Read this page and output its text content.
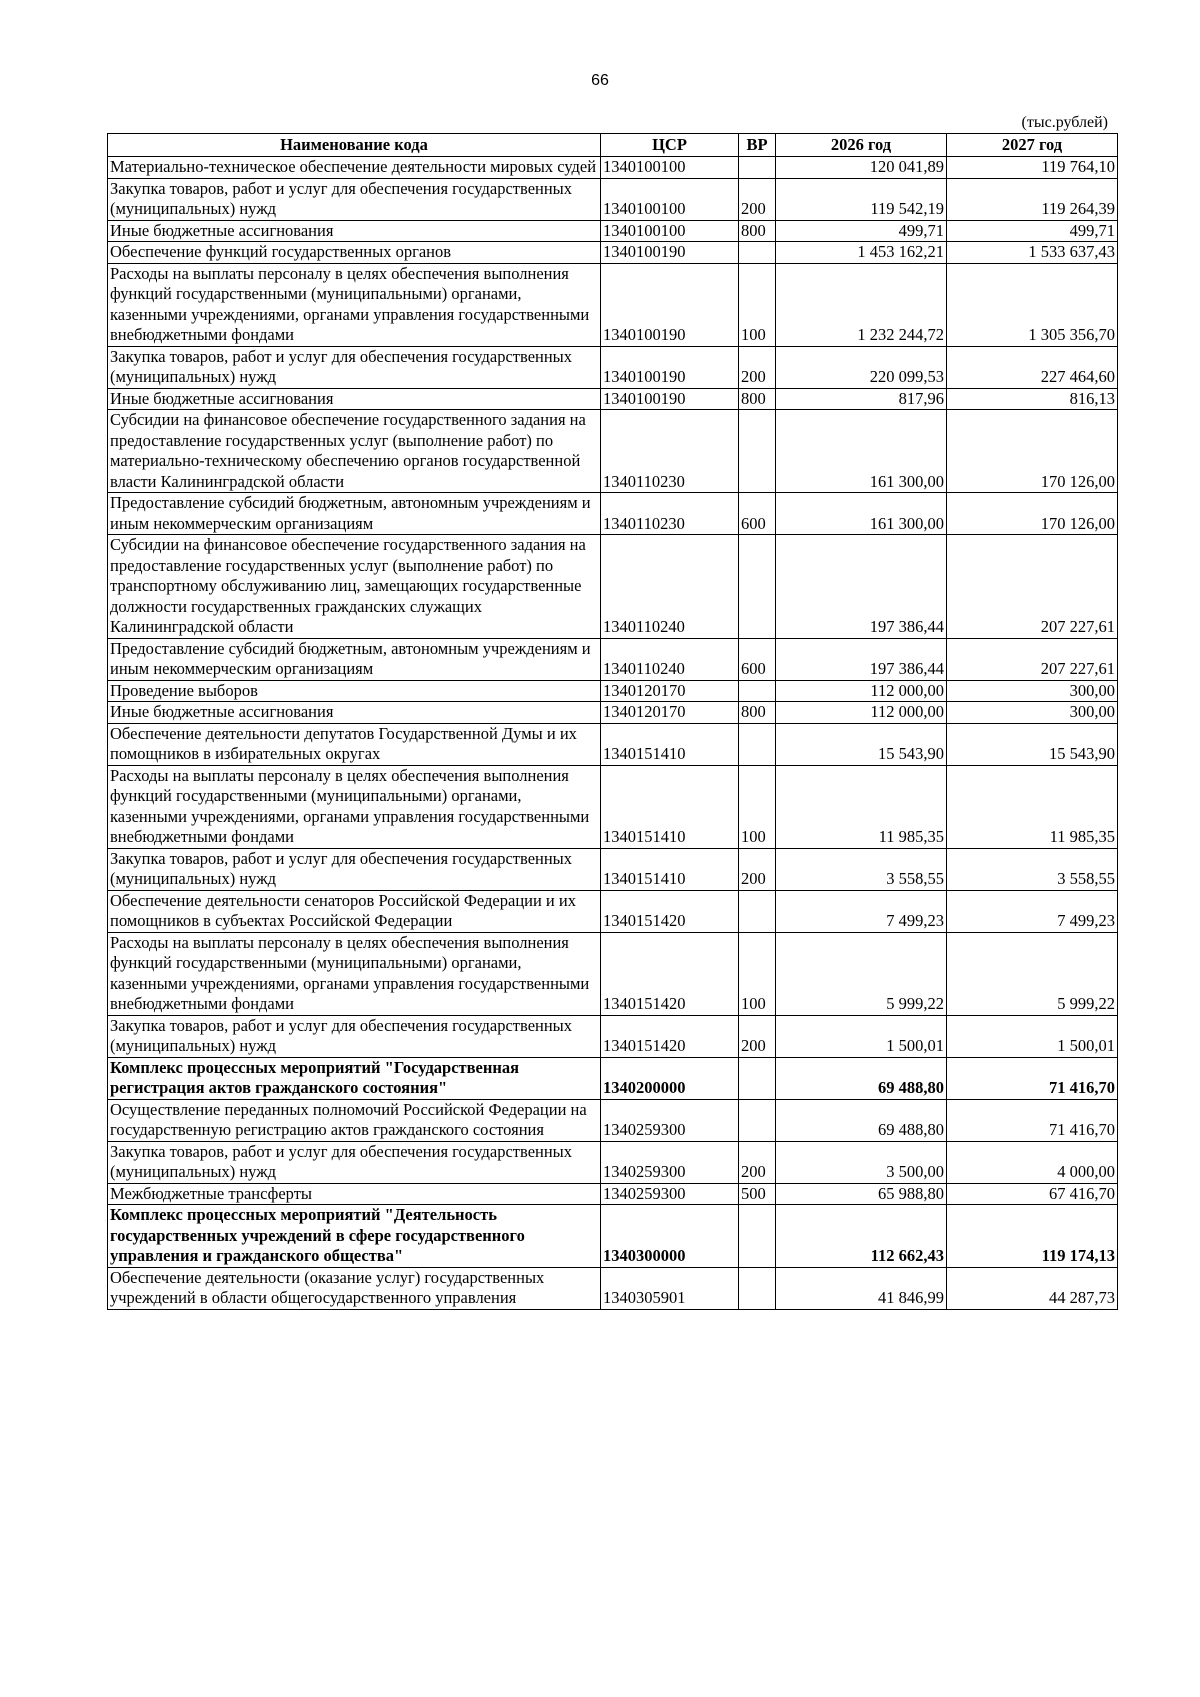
66
(тыс.рублей)
Наименование кода	ЦСР	ВР	2026 год	2027 год
Материально-техническое обеспечение деятельности мировых судей	1340100100		120 041,89	119 764,10
Закупка товаров, работ и услуг для обеспечения государственных (муниципальных) нужд	1340100100	200	119 542,19	119 264,39
Иные бюджетные ассигнования	1340100100	800	499,71	499,71
Обеспечение функций государственных органов	1340100190		1 453 162,21	1 533 637,43
Расходы на выплаты персоналу в целях обеспечения выполнения функций государственными (муниципальными) органами, казенными учреждениями, органами управления государственными внебюджетными фондами	1340100190	100	1 232 244,72	1 305 356,70
Закупка товаров, работ и услуг для обеспечения государственных (муниципальных) нужд	1340100190	200	220 099,53	227 464,60
Иные бюджетные ассигнования	1340100190	800	817,96	816,13
Субсидии на финансовое обеспечение государственного задания на предоставление государственных услуг (выполнение работ) по материально-техническому обеспечению органов государственной власти Калининградской области	1340110230		161 300,00	170 126,00
Предоставление субсидий бюджетным, автономным учреждениям и иным некоммерческим организациям	1340110230	600	161 300,00	170 126,00
Субсидии на финансовое обеспечение государственного задания на предоставление государственных услуг (выполнение работ) по транспортному обслуживанию лиц, замещающих государственные должности государственных гражданских служащих Калининградской области	1340110240		197 386,44	207 227,61
Предоставление субсидий бюджетным, автономным учреждениям и иным некоммерческим организациям	1340110240	600	197 386,44	207 227,61
Проведение выборов	1340120170		112 000,00	300,00
Иные бюджетные ассигнования	1340120170	800	112 000,00	300,00
Обеспечение деятельности депутатов Государственной Думы и их помощников в избирательных округах	1340151410		15 543,90	15 543,90
Расходы на выплаты персоналу в целях обеспечения выполнения функций государственными (муниципальными) органами, казенными учреждениями, органами управления государственными внебюджетными фондами	1340151410	100	11 985,35	11 985,35
Закупка товаров, работ и услуг для обеспечения государственных (муниципальных) нужд	1340151410	200	3 558,55	3 558,55
Обеспечение деятельности сенаторов Российской Федерации и их помощников в субъектах Российской Федерации	1340151420		7 499,23	7 499,23
Расходы на выплаты персоналу в целях обеспечения выполнения функций государственными (муниципальными) органами, казенными учреждениями, органами управления государственными внебюджетными фондами	1340151420	100	5 999,22	5 999,22
Закупка товаров, работ и услуг для обеспечения государственных (муниципальных) нужд	1340151420	200	1 500,01	1 500,01
Комплекс процессных мероприятий "Государственная регистрация актов гражданского состояния"	1340200000		69 488,80	71 416,70
Осуществление переданных полномочий Российской Федерации на государственную регистрацию актов гражданского состояния	1340259300		69 488,80	71 416,70
Закупка товаров, работ и услуг для обеспечения государственных (муниципальных) нужд	1340259300	200	3 500,00	4 000,00
Межбюджетные трансферты	1340259300	500	65 988,80	67 416,70
Комплекс процессных мероприятий "Деятельность государственных учреждений в сфере государственного управления и гражданского общества"	1340300000		112 662,43	119 174,13
Обеспечение деятельности (оказание услуг) государственных учреждений в области общегосударственного управления	1340305901		41 846,99	44 287,73
